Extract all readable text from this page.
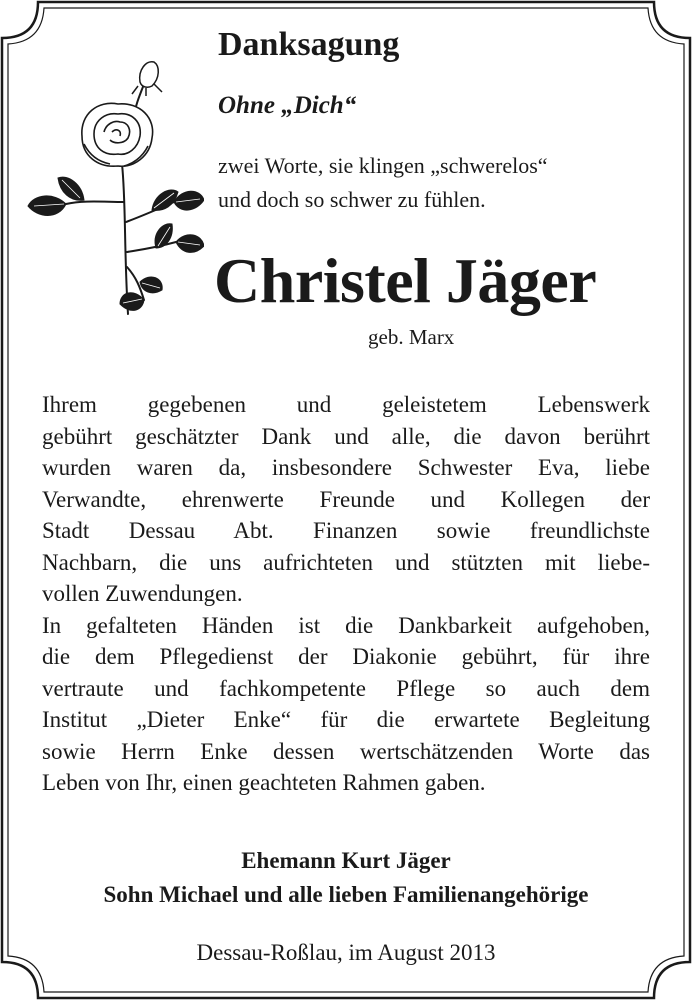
Danksagung
Ohne „Dich“
zwei Worte, sie klingen „schwerelos“
und doch so schwer zu fühlen.
Christel Jäger
geb. Marx
Ihrem gegebenen und geleistetem Lebenswerk
gebührt geschätzter Dank und alle, die davon berührt
wurden waren da, insbesondere Schwester Eva, liebe
Verwandte, ehrenwerte Freunde und Kollegen der
Stadt Dessau Abt. Finanzen sowie freundlichste
Nachbarn, die uns aufrichteten und stützten mit liebe-
vollen Zuwendungen.
In gefalteten Händen ist die Dankbarkeit aufgehoben,
die dem Pflegedienst der Diakonie gebührt, für ihre
vertraute und fachkompetente Pflege so auch dem
Institut „Dieter Enke“ für die erwartete Begleitung
sowie Herrn Enke dessen wertschätzenden Worte das
Leben von Ihr, einen geachteten Rahmen gaben.
Ehemann Kurt Jäger
Sohn Michael und alle lieben Familienangehörige
Dessau-Roßlau, im August 2013
